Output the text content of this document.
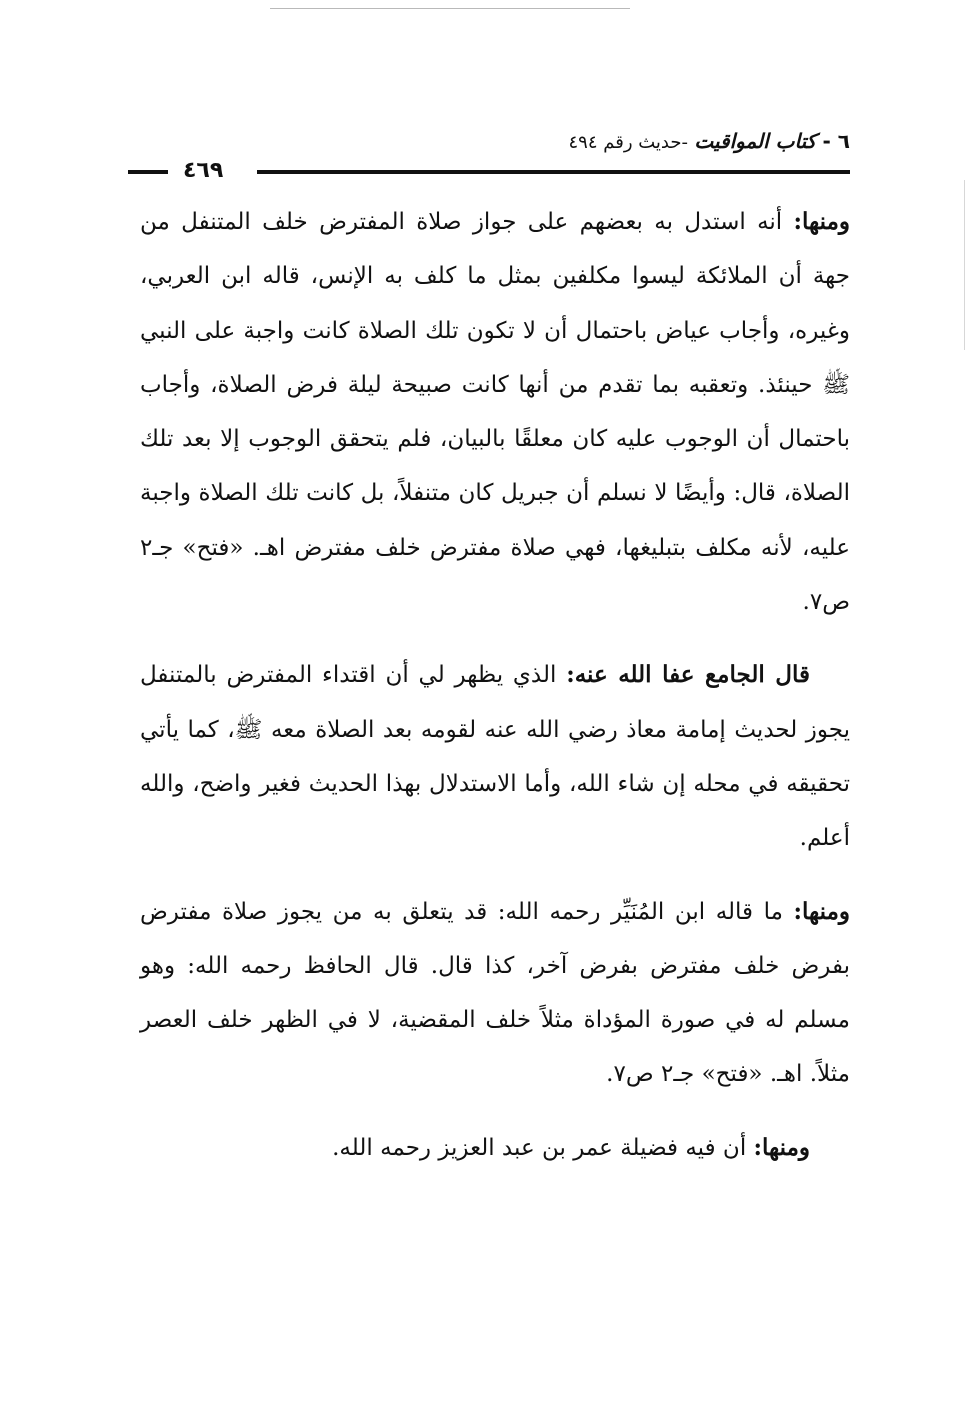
٦ - كتاب المواقيت -حديث رقم ٤٩٤
٤٦٩

ومنها: أنه استدل به بعضهم على جواز صلاة المفترض خلف المتنفل من جهة أن الملائكة ليسوا مكلفين بمثل ما كلف به الإنس، قاله ابن العربي، وغيره، وأجاب عياض باحتمال أن لا تكون تلك الصلاة كانت واجبة على النبي ﷺ حينئذ. وتعقبه بما تقدم من أنها كانت صبيحة ليلة فرض الصلاة، وأجاب باحتمال أن الوجوب عليه كان معلقًا بالبيان، فلم يتحقق الوجوب إلا بعد تلك الصلاة، قال: وأيضًا لا نسلم أن جبريل كان متنفلاً، بل كانت تلك الصلاة واجبة عليه، لأنه مكلف بتبليغها، فهي صلاة مفترض خلف مفترض اهـ. «فتح» جـ٢ ص٧.

قال الجامع عفا الله عنه: الذي يظهر لي أن اقتداء المفترض بالمتنفل يجوز لحديث إمامة معاذ رضي الله عنه لقومه بعد الصلاة معه ﷺ، كما يأتي تحقيقه في محله إن شاء الله، وأما الاستدلال بهذا الحديث فغير واضح، والله أعلم.

ومنها: ما قاله ابن المُنَيِّر رحمه الله: قد يتعلق به من يجوز صلاة مفترض بفرض خلف مفترض بفرض آخر، كذا قال. قال الحافظ رحمه الله: وهو مسلم له في صورة المؤداة مثلاً خلف المقضية، لا في الظهر خلف العصر مثلاً. اهـ. «فتح» جـ٢ ص٧.

ومنها: أن فيه فضيلة عمر بن عبد العزيز رحمه الله.
